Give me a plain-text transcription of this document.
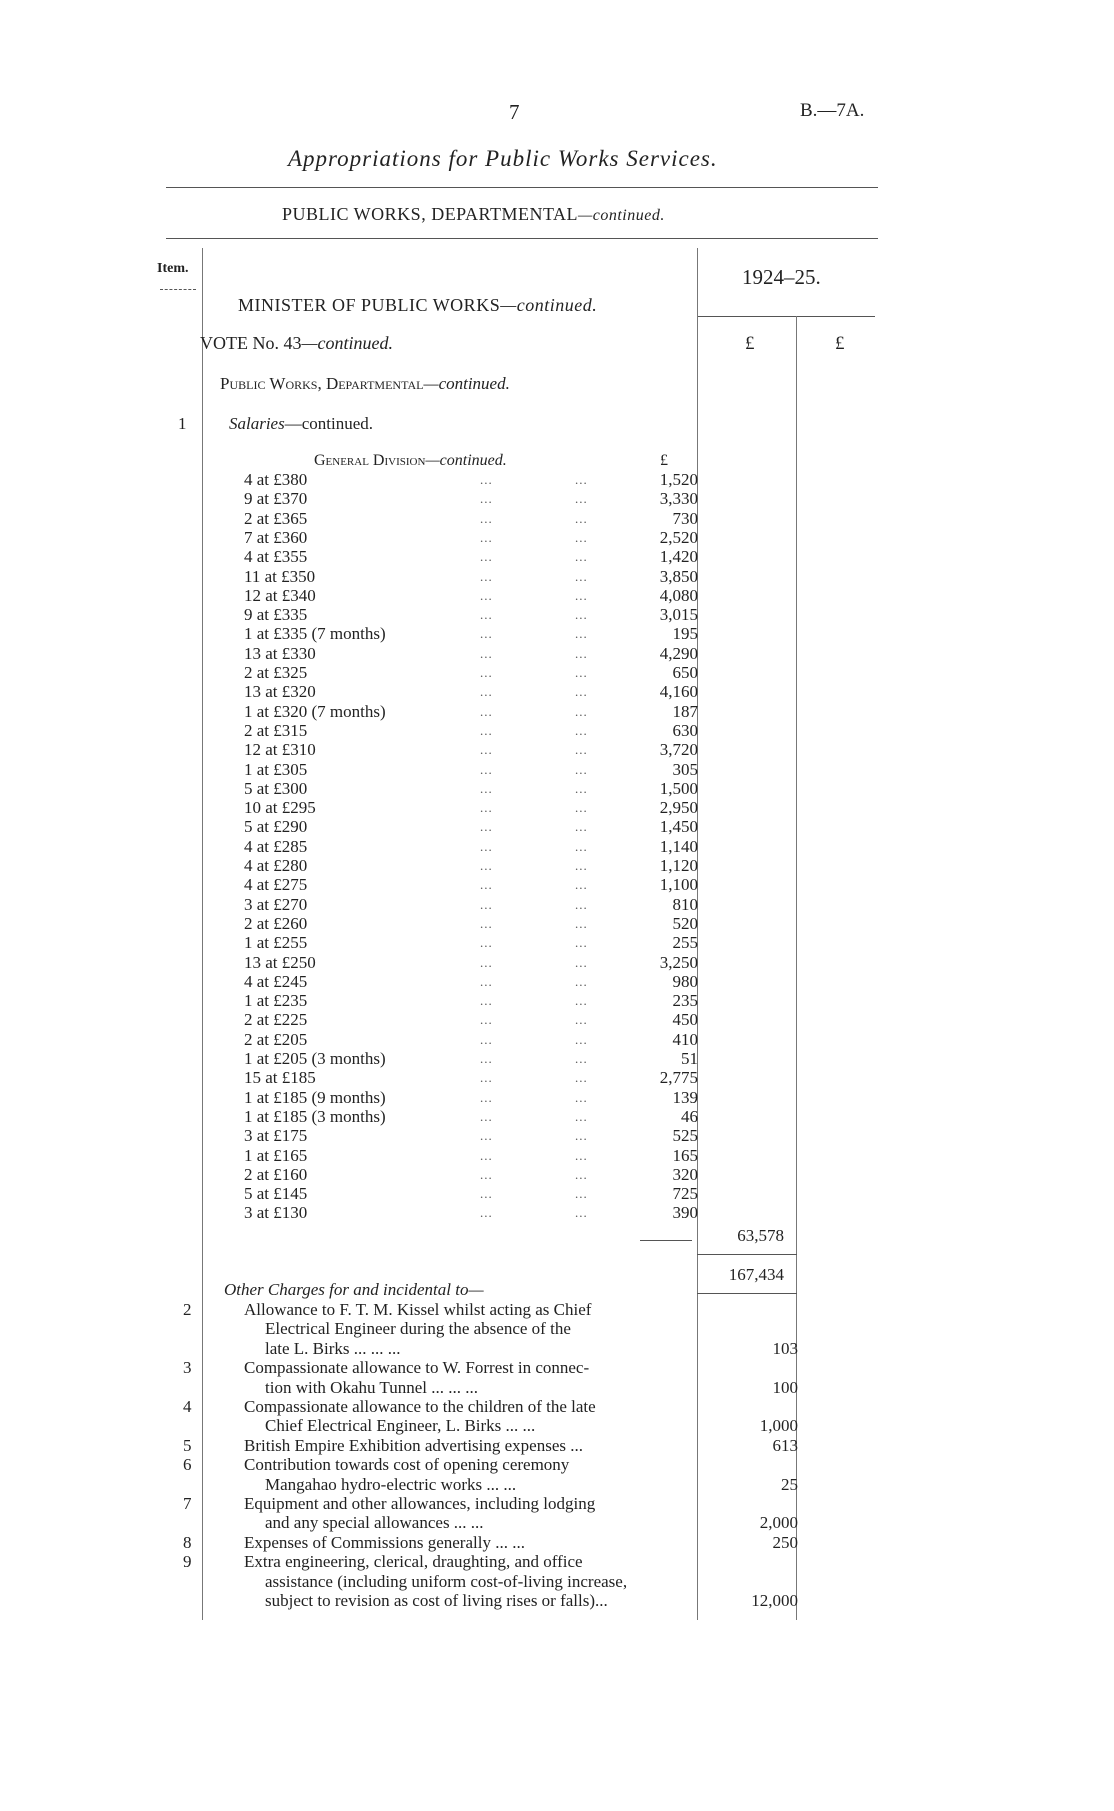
7	B.—7A.
Appropriations for Public Works Services.
PUBLIC WORKS, DEPARTMENTAL—continued.
Item.	1924–25.
£	£
MINISTER OF PUBLIC WORKS—continued.
VOTE No. 43—continued.
Public Works, Departmental—continued.
1	Salaries—continued.
General Division—continued.	£
4 at £380	...	...	1,520
9 at £370	...	...	3,330
2 at £365	...	...	730
7 at £360	...	...	2,520
4 at £355	...	...	1,420
11 at £350	...	...	3,850
12 at £340	...	...	4,080
9 at £335	...	...	3,015
1 at £335 (7 months)	...	...	195
13 at £330	...	...	4,290
2 at £325	...	...	650
13 at £320	...	...	4,160
1 at £320 (7 months)	...	...	187
2 at £315	...	...	630
12 at £310	...	...	3,720
1 at £305	...	...	305
5 at £300	...	...	1,500
10 at £295	...	...	2,950
5 at £290	...	...	1,450
4 at £285	...	...	1,140
4 at £280	...	...	1,120
4 at £275	...	...	1,100
3 at £270	...	...	810
2 at £260	...	...	520
1 at £255	...	...	255
13 at £250	...	...	3,250
4 at £245	...	...	980
1 at £235	...	...	235
2 at £225	...	...	450
2 at £205	...	...	410
1 at £205 (3 months)	...	...	51
15 at £185	...	...	2,775
1 at £185 (9 months)	...	...	139
1 at £185 (3 months)	...	...	46
3 at £175	...	...	525
1 at £165	...	...	165
2 at £160	...	...	320
5 at £145	...	...	725
3 at £130	...	...	390
63,578
167,434
Other Charges for and incidental to—
2	Allowance to F. T. M. Kissel whilst acting as Chief
Electrical Engineer during the absence of the
late L. Birks ... ... ...	103
3	Compassionate allowance to W. Forrest in connec-
tion with Okahu Tunnel ... ... ...	100
4	Compassionate allowance to the children of the late
Chief Electrical Engineer, L. Birks ... ...	1,000
5	British Empire Exhibition advertising expenses ...	613
6	Contribution towards cost of opening ceremony
Mangahao hydro-electric works ... ...	25
7	Equipment and other allowances, including lodging
and any special allowances ... ...	2,000
8	Expenses of Commissions generally ... ...	250
9	Extra engineering, clerical, draughting, and office
assistance (including uniform cost-of-living increase,
subject to revision as cost of living rises or falls)...	12,000
